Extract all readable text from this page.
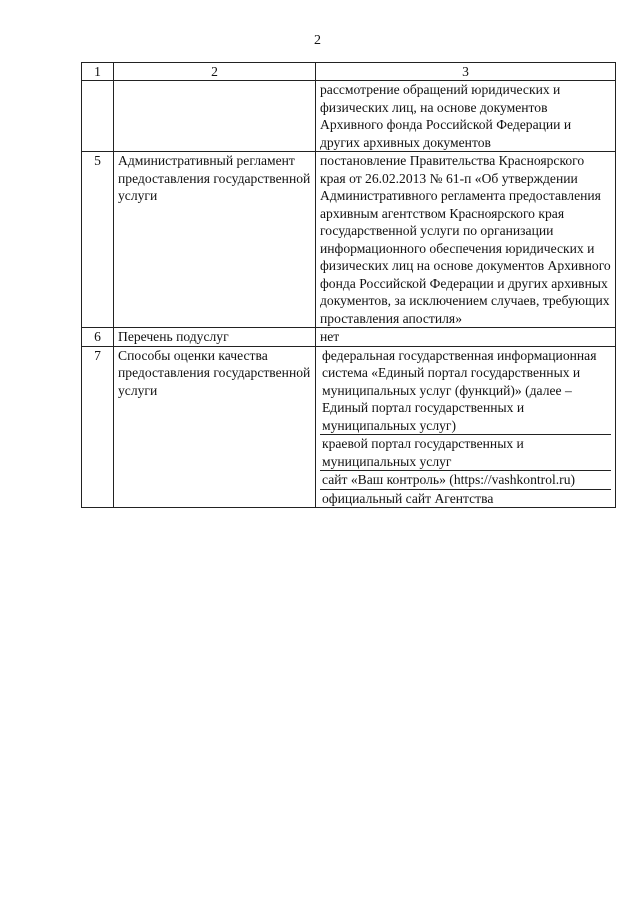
2
1	2	3

		рассмотрение обращений юридических и физических лиц, на основе документов Архивного фонда Российской Федерации и других архивных документов

5	Административный регламент предоставления государственной услуги	постановление Правительства Красноярского края от 26.02.2013 № 61-п «Об утверждении Административного регламента предоставления архивным агентством Красноярского края государственной услуги по организации информационного обеспечения юридических и физических лиц на основе документов Архивного фонда Российской Федерации и других архивных документов, за исключением случаев, требующих проставления апостиля»

6	Перечень подуслуг	нет

7	Способы оценки качества предоставления государственной услуги	федеральная государственная информационная система «Единый портал государственных и муниципальных услуг (функций)» (далее – Единый портал государственных и муниципальных услуг)
краевой портал государственных и муниципальных услуг
сайт «Ваш контроль» (https://vashkontrol.ru)
официальный сайт Агентства
